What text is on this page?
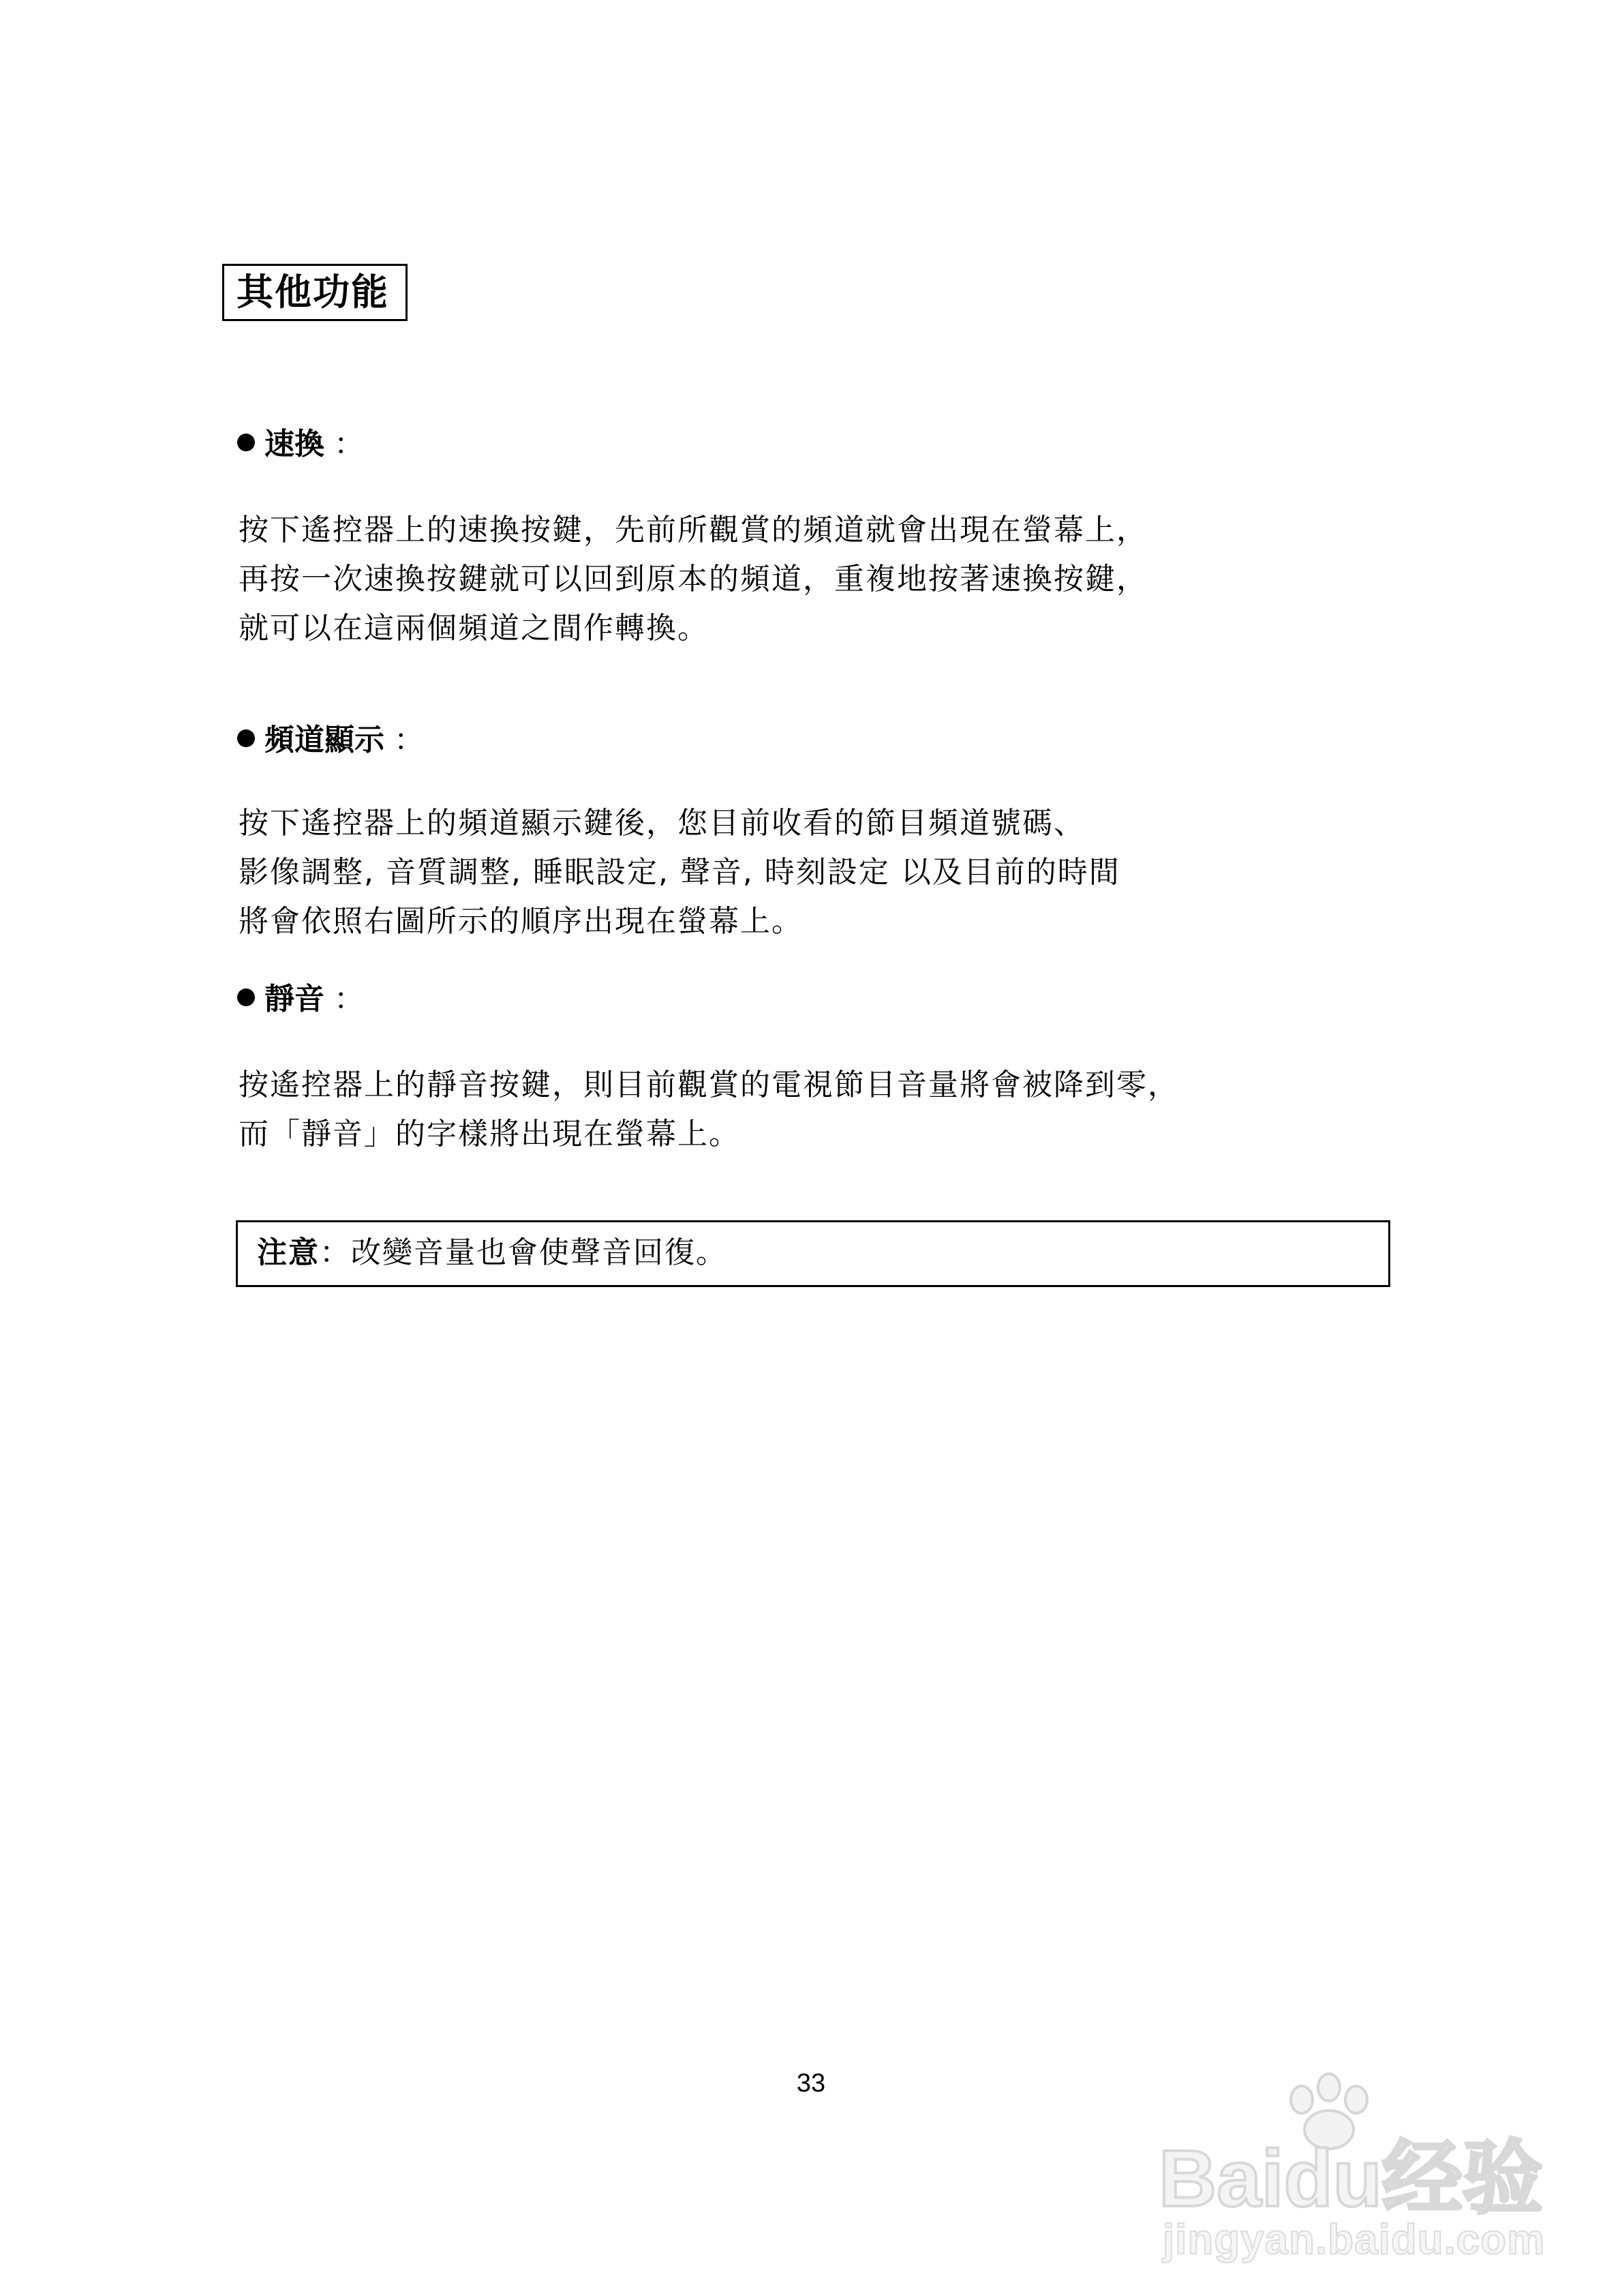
其他功能
速換 ：
按下遙控器上的速換按鍵，先前所觀賞的頻道就會出現在螢幕上，
再按一次速換按鍵就可以回到原本的頻道，重複地按著速換按鍵，
就可以在這兩個頻道之間作轉換。
頻道顯示 ：
按下遙控器上的頻道顯示鍵後，您目前收看的節目頻道號碼、
影像調整, 音質調整, 睡眠設定, 聲音, 時刻設定 以及目前的時間
將會依照右圖所示的順序出現在螢幕上。
靜音 ：
按遙控器上的靜音按鍵，則目前觀賞的電視節目音量將會被降到零，
而「靜音」的字樣將出現在螢幕上。
注意：改變音量也會使聲音回復。
33
Baidu经验
jingyan.baidu.com
